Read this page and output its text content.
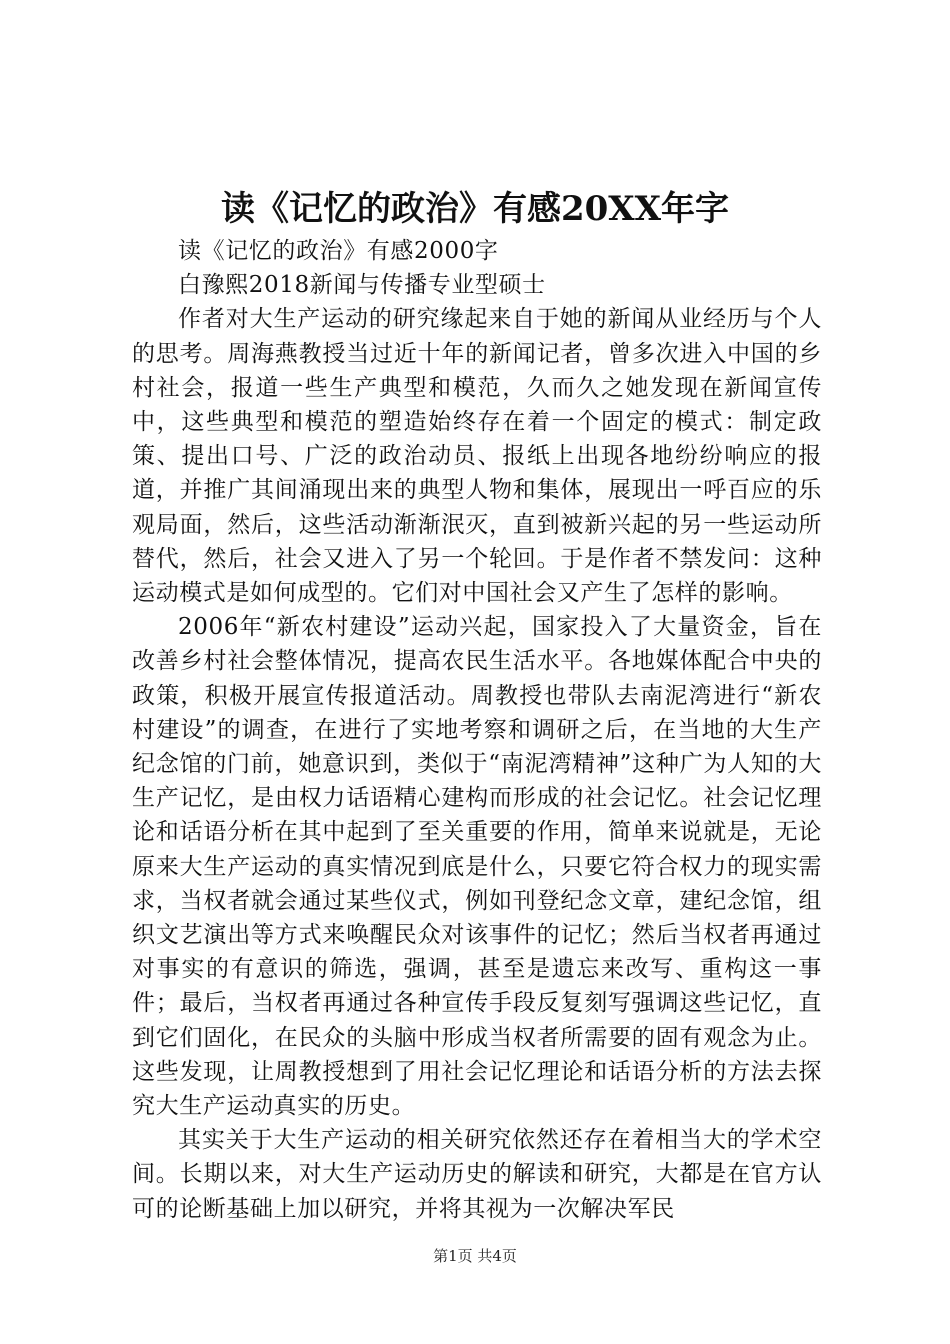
读《记忆的政治》有感20XX年字

读《记忆的政治》有感2000字

白豫熙2018新闻与传播专业型硕士

作者对大生产运动的研究缘起来自于她的新闻从业经历与个人的思考。周海燕教授当过近十年的新闻记者，曾多次进入中国的乡村社会，报道一些生产典型和模范，久而久之她发现在新闻宣传中，这些典型和模范的塑造始终存在着一个固定的模式：制定政策、提出口号、广泛的政治动员、报纸上出现各地纷纷响应的报道，并推广其间涌现出来的典型人物和集体，展现出一呼百应的乐观局面，然后，这些活动渐渐泯灭，直到被新兴起的另一些运动所替代，然后，社会又进入了另一个轮回。于是作者不禁发问：这种运动模式是如何成型的。它们对中国社会又产生了怎样的影响。

2006年“新农村建设”运动兴起，国家投入了大量资金，旨在改善乡村社会整体情况，提高农民生活水平。各地媒体配合中央的政策，积极开展宣传报道活动。周教授也带队去南泥湾进行“新农村建设”的调查，在进行了实地考察和调研之后，在当地的大生产纪念馆的门前，她意识到，类似于“南泥湾精神”这种广为人知的大生产记忆，是由权力话语精心建构而形成的社会记忆。社会记忆理论和话语分析在其中起到了至关重要的作用，简单来说就是，无论原来大生产运动的真实情况到底是什么，只要它符合权力的现实需求，当权者就会通过某些仪式，例如刊登纪念文章，建纪念馆，组织文艺演出等方式来唤醒民众对该事件的记忆；然后当权者再通过对事实的有意识的筛选，强调，甚至是遗忘来改写、重构这一事件；最后，当权者再通过各种宣传手段反复刻写强调这些记忆，直到它们固化，在民众的头脑中形成当权者所需要的固有观念为止。这些发现，让周教授想到了用社会记忆理论和话语分析的方法去探究大生产运动真实的历史。

其实关于大生产运动的相关研究依然还存在着相当大的学术空间。长期以来，对大生产运动历史的解读和研究，大都是在官方认可的论断基础上加以研究，并将其视为一次解决军民

第1页 共4页
